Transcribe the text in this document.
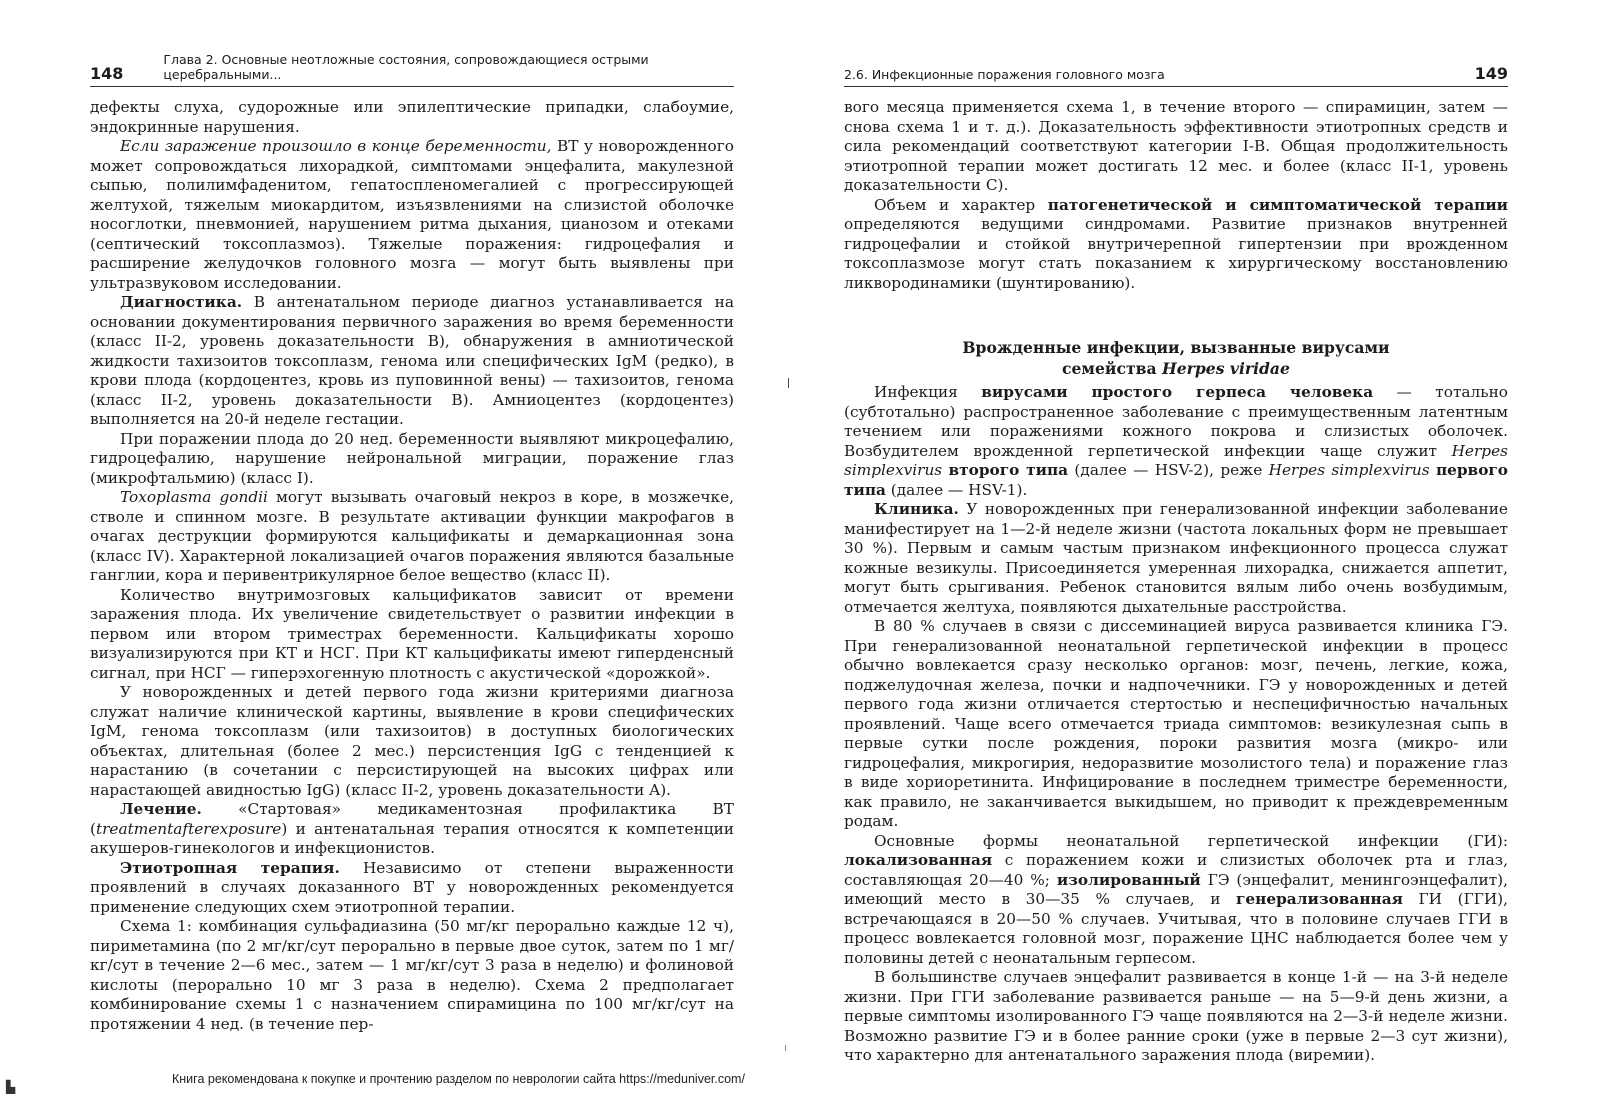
148
Глава 2. Основные неотложные состояния, сопровождающиеся острыми церебральными...

дефекты слуха, судорожные или эпилептические припадки, слабоумие, эндокринные нарушения.

Если заражение произошло в конце беременности, ВТ у новорожденного может сопровождаться лихорадкой, симптомами энцефалита, макулезной сыпью, полилимфаденитом, гепатоспленомегалией с прогрессирующей желтухой, тяжелым миокардитом, изъязвлениями на слизистой оболочке носоглотки, пневмонией, нарушением ритма дыхания, цианозом и отеками (септический токсоплазмоз). Тяжелые поражения: гидроцефалия и расширение желудочков головного мозга — могут быть выявлены при ультразвуковом исследовании.

Диагностика. В антенатальном периоде диагноз устанавливается на основании документирования первичного заражения во время беременности (класс II-2, уровень доказательности B), обнаружения в амниотической жидкости тахизоитов токсоплазм, генома или специфических IgM (редко), в крови плода (кордоцентез, кровь из пуповинной вены) — тахизоитов, генома (класс II-2, уровень доказательности B). Амниоцентез (кордоцентез) выполняется на 20-й неделе гестации.

При поражении плода до 20 нед. беременности выявляют микроцефалию, гидроцефалию, нарушение нейрональной миграции, поражение глаз (микрофтальмию) (класс I).

Toxoplasma gondii могут вызывать очаговый некроз в коре, в мозжечке, стволе и спинном мозге. В результате активации функции макрофагов в очагах деструкции формируются кальцификаты и демаркационная зона (класс IV). Характерной локализацией очагов поражения являются базальные ганглии, кора и перивентрикулярное белое вещество (класс II).

Количество внутримозговых кальцификатов зависит от времени заражения плода. Их увеличение свидетельствует о развитии инфекции в первом или втором триместрах беременности. Кальцификаты хорошо визуализируются при КТ и НСГ. При КТ кальцификаты имеют гиперденсный сигнал, при НСГ — гиперэхогенную плотность с акустической «дорожкой».

У новорожденных и детей первого года жизни критериями диагноза служат наличие клинической картины, выявление в крови специфических IgM, генома токсоплазм (или тахизоитов) в доступных биологических объектах, длительная (более 2 мес.) персистенция IgG с тенденцией к нарастанию (в сочетании с персистирующей на высоких цифрах или нарастающей авидностью IgG) (класс II-2, уровень доказательности A).

Лечение. «Стартовая» медикаментозная профилактика ВТ (treatmentafterexposure) и антенатальная терапия относятся к компетенции акушеров-гинекологов и инфекционистов.

Этиотропная терапия. Независимо от степени выраженности проявлений в случаях доказанного ВТ у новорожденных рекомендуется применение следующих схем этиотропной терапии.

Схема 1: комбинация сульфадиазина (50 мг/кг перорально каждые 12 ч), пириметамина (по 2 мг/кг/сут перорально в первые двое суток, затем по 1 мг/кг/сут в течение 2—6 мес., затем — 1 мг/кг/сут 3 раза в неделю) и фолиновой кислоты (перорально 10 мг 3 раза в неделю). Схема 2 предполагает комбинирование схемы 1 с назначением спирамицина по 100 мг/кг/сут на протяжении 4 нед. (в течение пер-

2.6. Инфекционные поражения головного мозга	149

вого месяца применяется схема 1, в течение второго — спирамицин, затем — снова схема 1 и т. д.). Доказательность эффективности этиотропных средств и сила рекомендаций соответствуют категории I-B. Общая продолжительность этиотропной терапии может достигать 12 мес. и более (класс II-1, уровень доказательности C).

Объем и характер патогенетической и симптоматической терапии определяются ведущими синдромами. Развитие признаков внутренней гидроцефалии и стойкой внутричерепной гипертензии при врожденном токсоплазмозе могут стать показанием к хирургическому восстановлению ликвородинамики (шунтированию).

Врожденные инфекции, вызванные вирусами
семейства Herpes viridae

Инфекция вирусами простого герпеса человека — тотально (субтотально) распространенное заболевание с преимущественным латентным течением или поражениями кожного покрова и слизистых оболочек. Возбудителем врожденной герпетической инфекции чаще служит Herpes simplexvirus второго типа (далее — HSV-2), реже Herpes simplexvirus первого типа (далее — HSV-1).

Клиника. У новорожденных при генерализованной инфекции заболевание манифестирует на 1—2-й неделе жизни (частота локальных форм не превышает 30 %). Первым и самым частым признаком инфекционного процесса служат кожные везикулы. Присоединяется умеренная лихорадка, снижается аппетит, могут быть срыгивания. Ребенок становится вялым либо очень возбудимым, отмечается желтуха, появляются дыхательные расстройства.

В 80 % случаев в связи с диссеминацией вируса развивается клиника ГЭ. При генерализованной неонатальной герпетической инфекции в процесс обычно вовлекается сразу несколько органов: мозг, печень, легкие, кожа, поджелудочная железа, почки и надпочечники. ГЭ у новорожденных и детей первого года жизни отличается стертостью и неспецифичностью начальных проявлений. Чаще всего отмечается триада симптомов: везикулезная сыпь в первые сутки после рождения, пороки развития мозга (микро- или гидроцефалия, микрогирия, недоразвитие мозолистого тела) и поражение глаз в виде хориоретинита. Инфицирование в последнем триместре беременности, как правило, не заканчивается выкидышем, но приводит к преждевременным родам.

Основные формы неонатальной герпетической инфекции (ГИ): локализованная с поражением кожи и слизистых оболочек рта и глаз, составляющая 20—40 %; изолированный ГЭ (энцефалит, менингоэнцефалит), имеющий место в 30—35 % случаев, и генерализованная ГИ (ГГИ), встречающаяся в 20—50 % случаев. Учитывая, что в половине случаев ГГИ в процесс вовлекается головной мозг, поражение ЦНС наблюдается более чем у половины детей с неонатальным герпесом.

В большинстве случаев энцефалит развивается в конце 1-й — на 3-й неделе жизни. При ГГИ заболевание развивается раньше — на 5—9-й день жизни, а первые симптомы изолированного ГЭ чаще появляются на 2—3-й неделе жизни. Возможно развитие ГЭ и в более ранние сроки (уже в первые 2—3 сут жизни), что характерно для антенатального заражения плода (виремии).

▙
Книга рекомендована к покупке и прочтению разделом по неврологии сайта https://meduniver.com/
